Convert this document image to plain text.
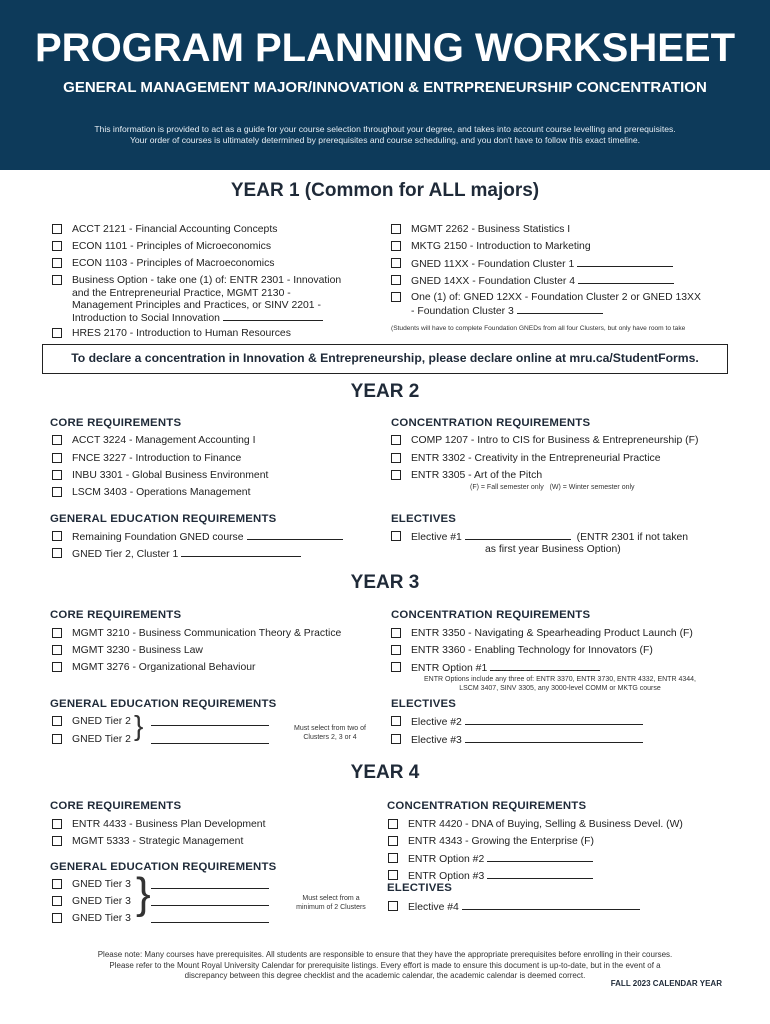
PROGRAM PLANNING WORKSHEET
GENERAL MANAGEMENT MAJOR/INNOVATION & ENTRPRENEURSHIP CONCENTRATION

This information is provided to act as a guide for your course selection throughout your degree, and takes into account course levelling and prerequisites.

Your order of courses is ultimately determined by prerequisites and course scheduling, and you don't have to follow this exact timeline.

YEAR 1 (Common for ALL majors)
ACCT 2121 - Financial Accounting Concepts
ECON 1101 - Principles of Microeconomics
ECON 1103 - Principles of Macroeconomics
Business Option - take one (1) of: ENTR 2301 - Innovation
and the Entrepreneurial Practice, MGMT 2130 -
Management Principles and Practices, or SINV 2201 -
Introduction to Social Innovation
HRES 2170 - Introduction to Human Resources
MGMT 2262 - Business Statistics I
MKTG 2150 - Introduction to Marketing
GNED 11XX - Foundation Cluster 1
GNED 14XX - Foundation Cluster 4
One (1) of: GNED 12XX - Foundation Cluster 2 or GNED 13XX
- Foundation Cluster 3
(Students will have to complete Foundation GNEDs from all four Clusters, but only have room to take
To declare a concentration in Innovation & Entrepreneurship, please declare online at mru.ca/StudentForms.
YEAR 2
CORE REQUIREMENTS
ACCT 3224 - Management Accounting I
FNCE 3227 - Introduction to Finance
INBU 3301 - Global Business Environment
LSCM 3403 - Operations Management
CONCENTRATION REQUIREMENTS
COMP 1207 - Intro to CIS for Business & Entrepreneurship (F)
ENTR 3302 - Creativity in the Entrepreneurial Practice
ENTR 3305 - Art of the Pitch
(F) = Fall semester only (W) = Winter semester only
GENERAL EDUCATION REQUIREMENTS
Remaining Foundation GNED course
GNED Tier 2, Cluster 1
ELECTIVES
Elective #1	(ENTR 2301 if not taken
as first year Business Option)
YEAR 3
CORE REQUIREMENTS
MGMT 3210 - Business Communication Theory & Practice
MGMT 3230 - Business Law
MGMT 3276 - Organizational Behaviour
CONCENTRATION REQUIREMENTS
ENTR 3350 - Navigating & Spearheading Product Launch (F)
ENTR 3360 - Enabling Technology for Innovators (F)
ENTR Option #1
ENTR Options include any three of: ENTR 3370, ENTR 3730, ENTR 4332, ENTR 4344,
LSCM 3407, SINV 3305, any 3000-level COMM or MKTG course
GENERAL EDUCATION REQUIREMENTS
GNED Tier 2
GNED Tier 2 }	Must select from two of
Clusters 2, 3 or 4
ELECTIVES
Elective #2
Elective #3
YEAR 4
CORE REQUIREMENTS
ENTR 4433 - Business Plan Development
MGMT 5333 - Strategic Management
GENERAL EDUCATION REQUIREMENTS
GNED Tier 3
GNED Tier 3
GNED Tier 3
}	Must select from a
minimum of 2 Clusters
CONCENTRATION REQUIREMENTS
ENTR 4420 - DNA of Buying, Selling & Business Devel. (W)
ENTR 4343 - Growing the Enterprise (F)
ENTR Option #2
ENTR Option #3
ELECTIVES
Elective #4
Please note: Many courses have prerequisites. All students are responsible to ensure that they have the appropriate prerequisites before enrolling in their courses.
Please refer to the Mount Royal University Calendar for prerequisite listings. Every effort is made to ensure this document is up-to-date, but in the event of a
discrepancy between this degree checklist and the academic calendar, the academic calendar is deemed correct.
FALL 2023 CALENDAR YEAR
